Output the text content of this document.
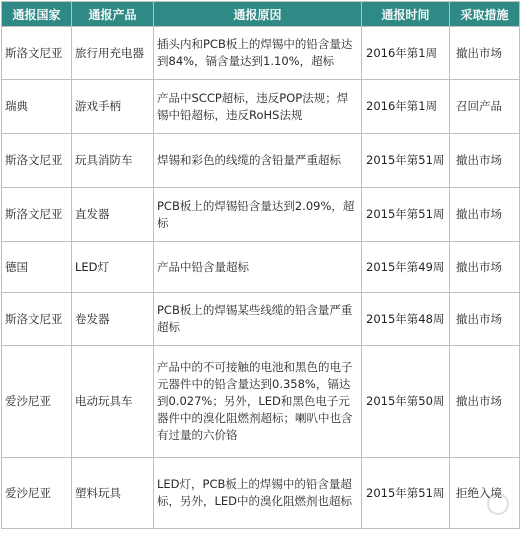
通报国家	通报产品	通报原因	通报时间	采取措施
斯洛文尼亚	旅行用充电器	插头内和PCB板上的焊锡中的铅含量达到84%，镉含量达到1.10%，超标	2016年第1周	撤出市场
瑞典	游戏手柄	产品中SCCP超标，违反POP法规；焊锡中铅超标，违反RoHS法规	2016年第1周	召回产品
斯洛文尼亚	玩具消防车	焊锡和彩色的线缆的含铅量严重超标	2015年第51周	撤出市场
斯洛文尼亚	直发器	PCB板上的焊锡铅含量达到2.09%，超标	2015年第51周	撤出市场
德国	LED灯	产品中铅含量超标	2015年第49周	撤出市场
斯洛文尼亚	卷发器	PCB板上的焊锡某些线缆的铅含量严重超标	2015年第48周	撤出市场
爱沙尼亚	电动玩具车	产品中的不可接触的电池和黑色的电子元器件中的铅含量达到0.358%，镉达到0.027%；另外，LED和黑色电子元器件中的溴化阻燃剂超标；喇叭中也含有过量的六价铬	2015年第50周	撤出市场
爱沙尼亚	塑料玩具	LED灯，PCB板上的焊锡中的铅含量超标，另外，LED中的溴化阻燃剂也超标	2015年第51周	拒绝入境
